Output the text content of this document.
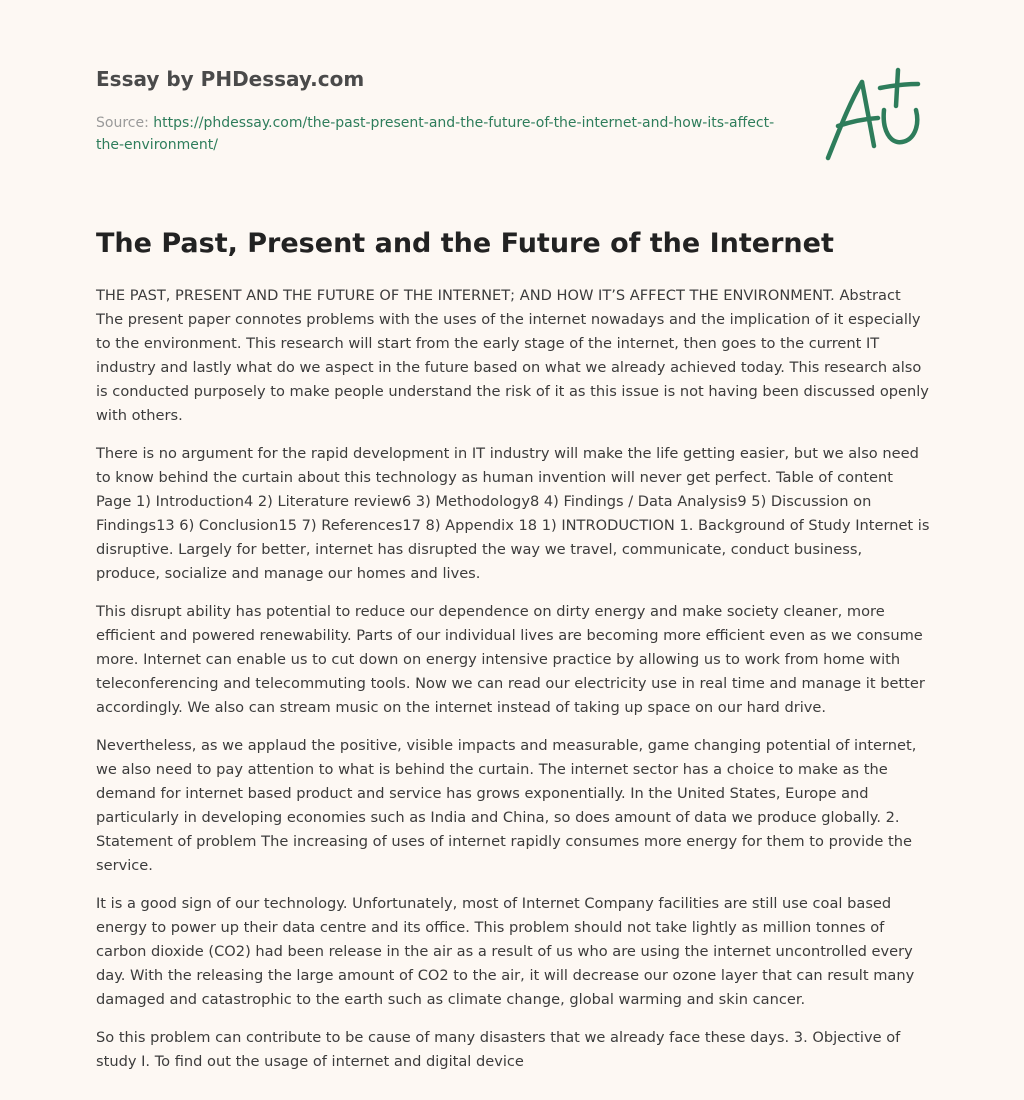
Essay by PHDessay.com
Source: https://phdessay.com/the-past-present-and-the-future-of-the-internet-and-how-its-affect-the-environment/
The Past, Present and the Future of the Internet

THE PAST, PRESENT AND THE FUTURE OF THE INTERNET; AND HOW IT’S AFFECT THE ENVIRONMENT. Abstract The present paper connotes problems with the uses of the internet nowadays and the implication of it especially to the environment. This research will start from the early stage of the internet, then goes to the current IT industry and lastly what do we aspect in the future based on what we already achieved today. This research also is conducted purposely to make people understand the risk of it as this issue is not having been discussed openly with others.

There is no argument for the rapid development in IT industry will make the life getting easier, but we also need to know behind the curtain about this technology as human invention will never get perfect. Table of content Page 1) Introduction4 2) Literature review6 3) Methodology8 4) Findings / Data Analysis9 5) Discussion on Findings13 6) Conclusion15 7) References17 8) Appendix 18 1) INTRODUCTION 1. Background of Study Internet is disruptive. Largely for better, internet has disrupted the way we travel, communicate, conduct business, produce, socialize and manage our homes and lives.

This disrupt ability has potential to reduce our dependence on dirty energy and make society cleaner, more efficient and powered renewability. Parts of our individual lives are becoming more efficient even as we consume more. Internet can enable us to cut down on energy intensive practice by allowing us to work from home with teleconferencing and telecommuting tools. Now we can read our electricity use in real time and manage it better accordingly. We also can stream music on the internet instead of taking up space on our hard drive.

Nevertheless, as we applaud the positive, visible impacts and measurable, game changing potential of internet, we also need to pay attention to what is behind the curtain. The internet sector has a choice to make as the demand for internet based product and service has grows exponentially. In the United States, Europe and particularly in developing economies such as India and China, so does amount of data we produce globally. 2. Statement of problem The increasing of uses of internet rapidly consumes more energy for them to provide the service.

It is a good sign of our technology. Unfortunately, most of Internet Company facilities are still use coal based energy to power up their data centre and its office. This problem should not take lightly as million tonnes of carbon dioxide (CO2) had been release in the air as a result of us who are using the internet uncontrolled every day. With the releasing the large amount of CO2 to the air, it will decrease our ozone layer that can result many damaged and catastrophic to the earth such as climate change, global warming and skin cancer.

So this problem can contribute to be cause of many disasters that we already face these days. 3. Objective of study I. To find out the usage of internet and digital device
